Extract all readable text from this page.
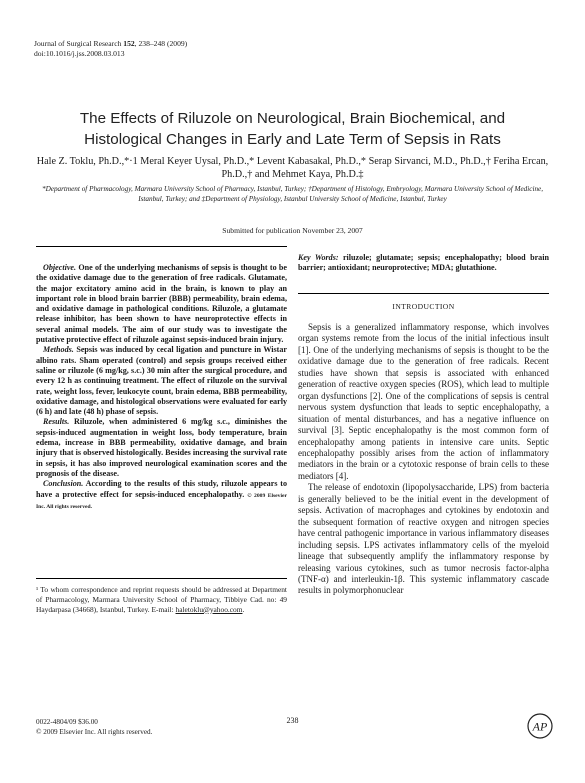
Journal of Surgical Research 152, 238–248 (2009)
doi:10.1016/j.jss.2008.03.013
The Effects of Riluzole on Neurological, Brain Biochemical, and Histological Changes in Early and Late Term of Sepsis in Rats
Hale Z. Toklu, Ph.D.,*·1 Meral Keyer Uysal, Ph.D.,* Levent Kabasakal, Ph.D.,* Serap Sirvanci, M.D., Ph.D.,† Feriha Ercan, Ph.D.,† and Mehmet Kaya, Ph.D.‡
*Department of Pharmacology, Marmara University School of Pharmacy, Istanbul, Turkey; †Department of Histology, Embryology, Marmara University School of Medicine, Istanbul, Turkey; and ‡Department of Physiology, Istanbul University School of Medicine, Istanbul, Turkey
Submitted for publication November 23, 2007

Objective. One of the underlying mechanisms of sepsis is thought to be the oxidative damage due to the generation of free radicals. Glutamate, the major excitatory amino acid in the brain, is known to play an important role in blood brain barrier (BBB) permeability, brain edema, and oxidative damage in pathological conditions. Riluzole, a glutamate release inhibitor, has been shown to have neuroprotective effects in several animal models. The aim of our study was to investigate the putative protective effect of riluzole against sepsis-induced brain injury.

Methods. Sepsis was induced by cecal ligation and puncture in Wistar albino rats. Sham operated (control) and sepsis groups received either saline or riluzole (6 mg/kg, s.c.) 30 min after the surgical procedure, and every 12 h as continuing treatment. The effect of riluzole on the survival rate, weight loss, fever, leukocyte count, brain edema, BBB permeability, oxidative damage, and histological observations were evaluated for early (6 h) and late (48 h) phase of sepsis.

Results. Riluzole, when administered 6 mg/kg s.c., diminishes the sepsis-induced augmentation in weight loss, body temperature, brain edema, increase in BBB permeability, oxidative damage, and brain injury that is observed histologically. Besides increasing the survival rate in sepsis, it has also improved neurological examination scores and the prognosis of the disease.

Conclusion. According to the results of this study, riluzole appears to have a protective effect for sepsis-induced encephalopathy. © 2009 Elsevier Inc. All rights reserved.

¹ To whom correspondence and reprint requests should be addressed at Department of Pharmacology, Marmara University School of Pharmacy, Tibbiye Cad. no: 49 Haydarpasa (34668), Istanbul, Turkey. E-mail: haletoklu@yahoo.com.
Key Words: riluzole; glutamate; sepsis; encephalopathy; blood brain barrier; antioxidant; neuroprotective; MDA; glutathione.
INTRODUCTION

Sepsis is a generalized inflammatory response, which involves organ systems remote from the locus of the initial infectious insult [1]. One of the underlying mechanisms of sepsis is thought to be the oxidative damage due to the generation of free radicals. Recent studies have shown that sepsis is associated with enhanced generation of reactive oxygen species (ROS), which lead to multiple organ dysfunctions [2]. One of the complications of sepsis is central nervous system dysfunction that leads to septic encephalopathy, a situation of mental disturbances, and has a negative influence on survival [3]. Septic encephalopathy is the most common form of encephalopathy among patients in intensive care units. Septic encephalopathy possibly arises from the action of inflammatory mediators in the brain or a cytotoxic response of brain cells to these mediators [4].

The release of endotoxin (lipopolysaccharide, LPS) from bacteria is generally believed to be the initial event in the development of sepsis. Activation of macrophages and cytokines by endotoxin and the subsequent formation of reactive oxygen and nitrogen species have central pathogenic importance in various inflammatory diseases including sepsis. LPS activates inflammatory cells of the myeloid lineage that subsequently amplify the inflammatory response by releasing various cytokines, such as tumor necrosis factor-alpha (TNF-α) and interleukin-1β. This systemic inflammatory cascade results in polymorphonuclear

0022-4804/09 $36.00
© 2009 Elsevier Inc. All rights reserved.
238	AP
